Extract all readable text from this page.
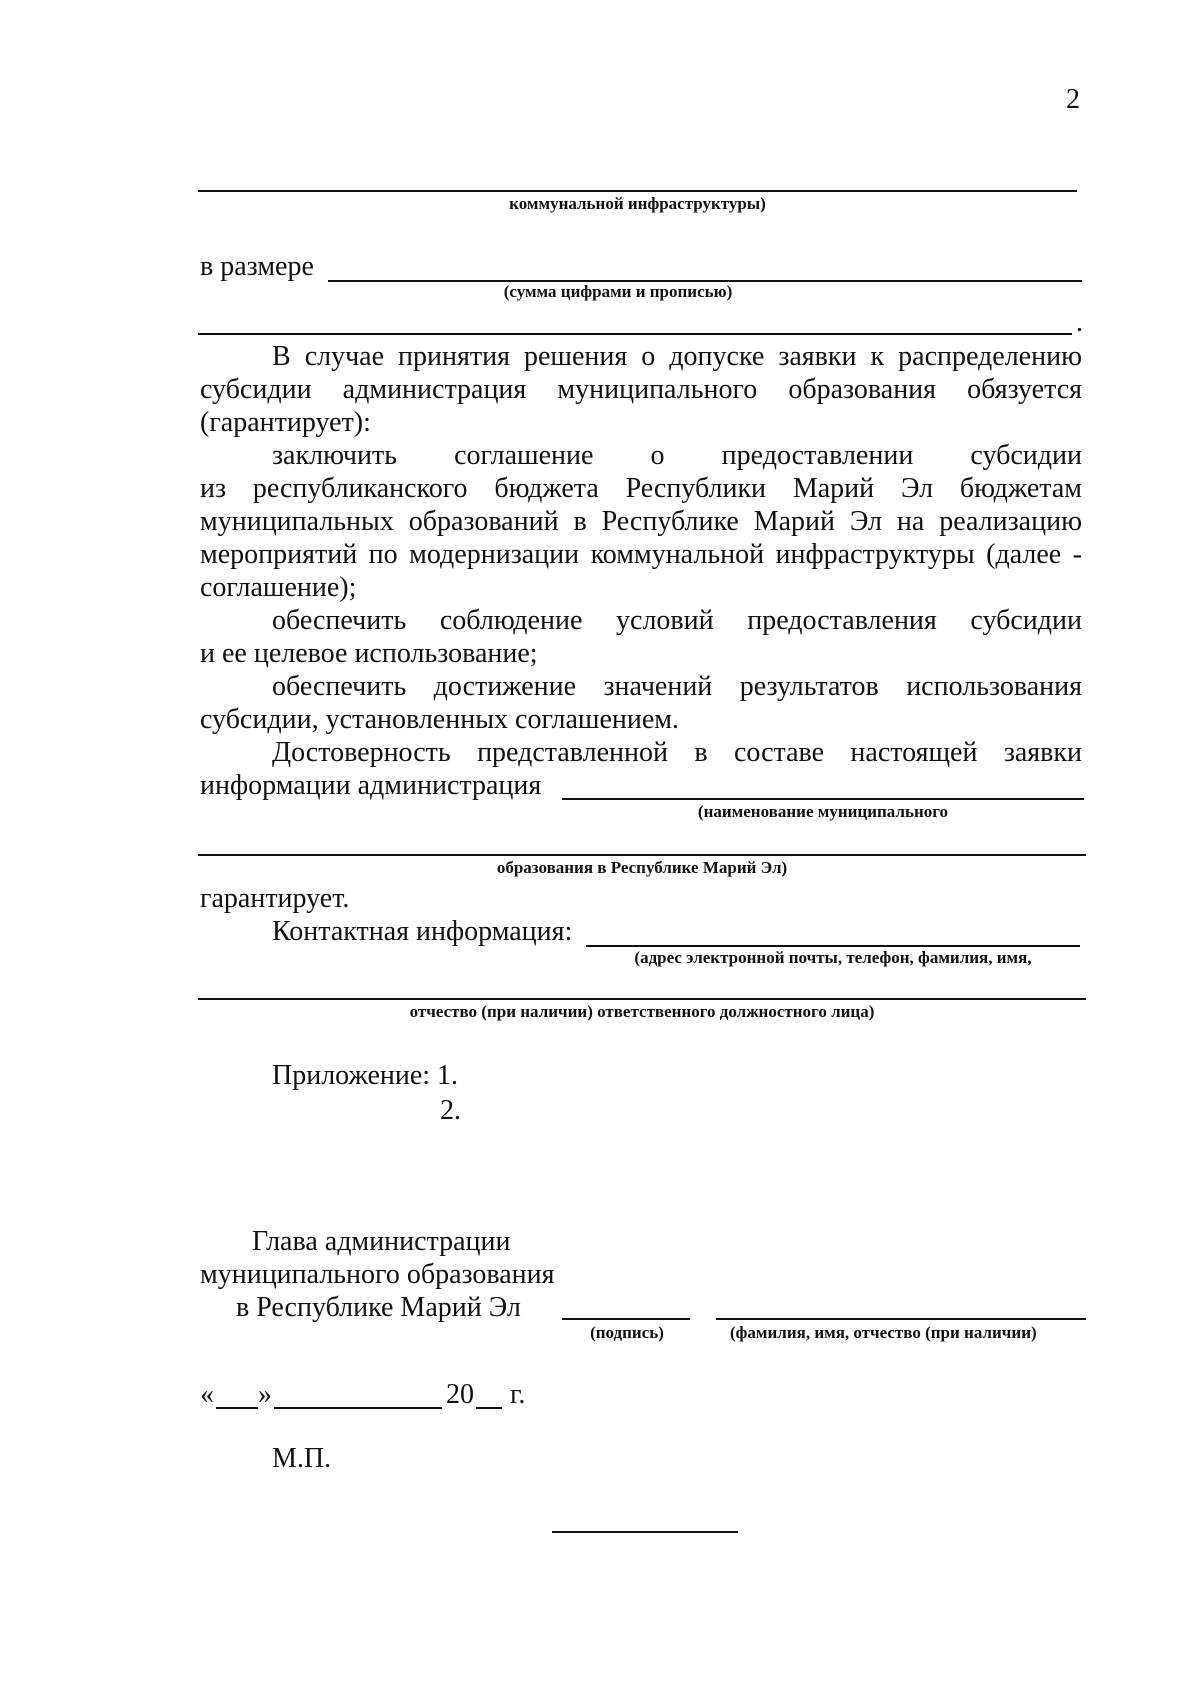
2
коммунальной инфраструктуры)
в размере
(сумма цифрами и прописью)
.
В случае принятия решения о допуске заявки к распределению
субсидии администрация муниципального образования обязуется
(гарантирует):
заключить соглашение о предоставлении субсидии
из республиканского бюджета Республики Марий Эл бюджетам
муниципальных образований в Республике Марий Эл на реализацию
мероприятий по модернизации коммунальной инфраструктуры (далее -
соглашение);
обеспечить соблюдение условий предоставления субсидии
и ее целевое использование;
обеспечить достижение значений результатов использования
субсидии, установленных соглашением.
Достоверность представленной в составе настоящей заявки
информации администрация
(наименование муниципального
образования в Республике Марий Эл)
гарантирует.
Контактная информация:
(адрес электронной почты, телефон, фамилия, имя,
отчество (при наличии) ответственного должностного лица)
Приложение: 1.
2.
Глава администрации
муниципального образования
в Республике Марий Эл
(подпись)	(фамилия, имя, отчество (при наличии)
« »	20 г.
М.П.
